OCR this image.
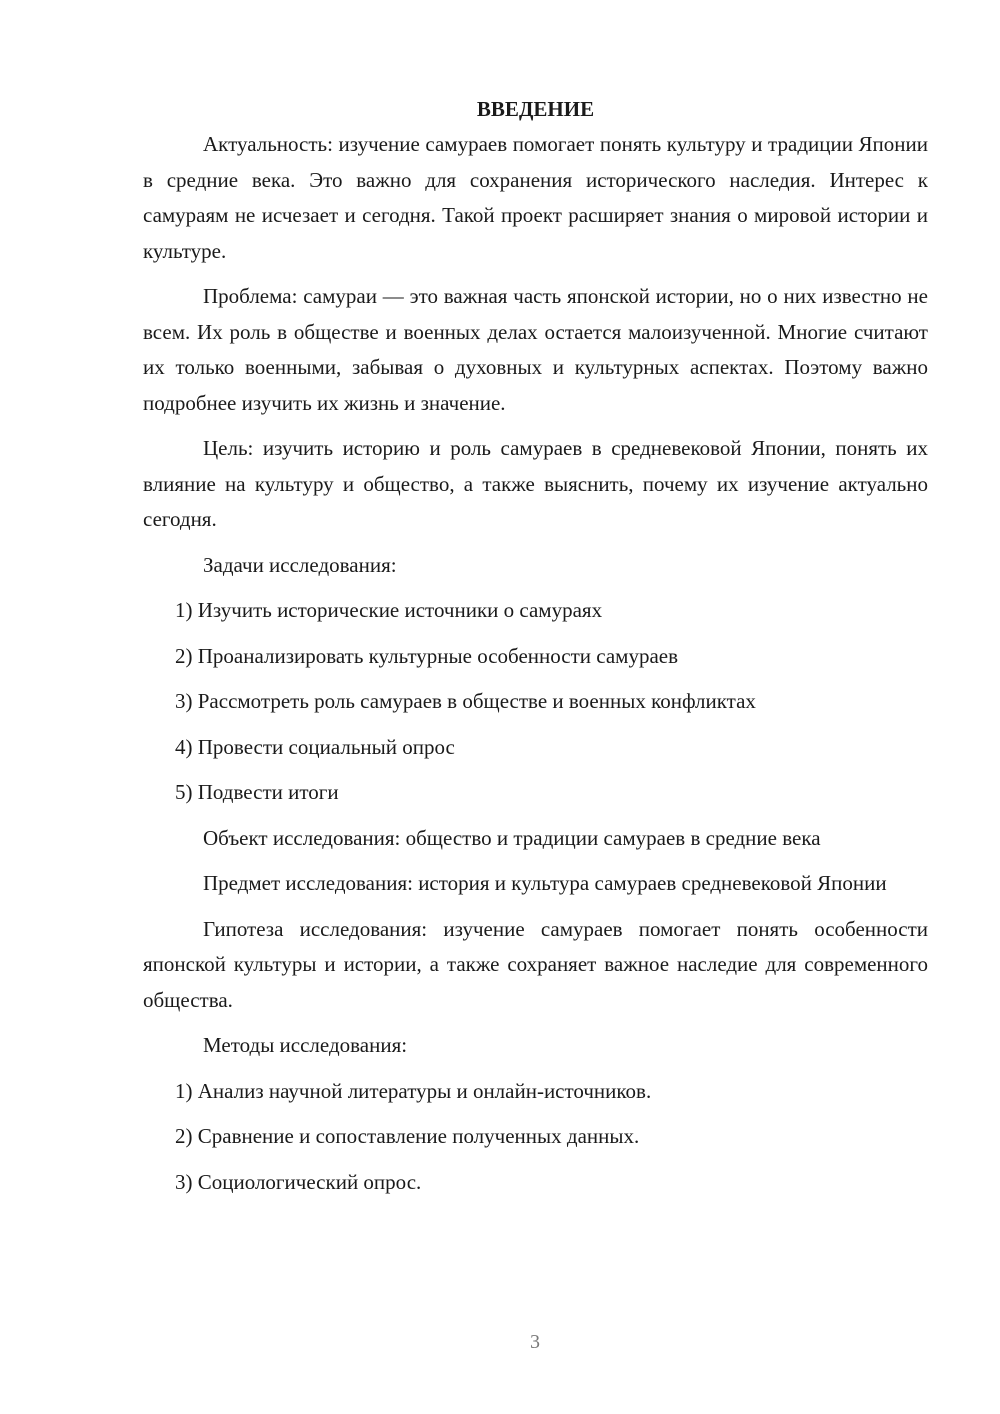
ВВЕДЕНИЕ

Актуальность: изучение самураев помогает понять культуру и традиции Японии в средние века. Это важно для сохранения исторического наследия. Интерес к самураям не исчезает и сегодня. Такой проект расширяет знания о мировой истории и культуре.

Проблема: самураи — это важная часть японской истории, но о них известно не всем. Их роль в обществе и военных делах остается малоизученной. Многие считают их только военными, забывая о духовных и культурных аспектах. Поэтому важно подробнее изучить их жизнь и значение.

Цель: изучить историю и роль самураев в средневековой Японии, понять их влияние на культуру и общество, а также выяснить, почему их изучение актуально сегодня.

Задачи исследования:

1) Изучить исторические источники о самураях

2) Проанализировать культурные особенности самураев

3) Рассмотреть роль самураев в обществе и военных конфликтах

4) Провести социальный опрос

5) Подвести итоги

Объект исследования: общество и традиции самураев в средние века

Предмет исследования: история и культура самураев средневековой Японии

Гипотеза исследования: изучение самураев помогает понять особенности японской культуры и истории, а также сохраняет важное наследие для современного общества.

Методы исследования:

1) Анализ научной литературы и онлайн-источников.

2) Сравнение и сопоставление полученных данных.

3) Социологический опрос.

3
